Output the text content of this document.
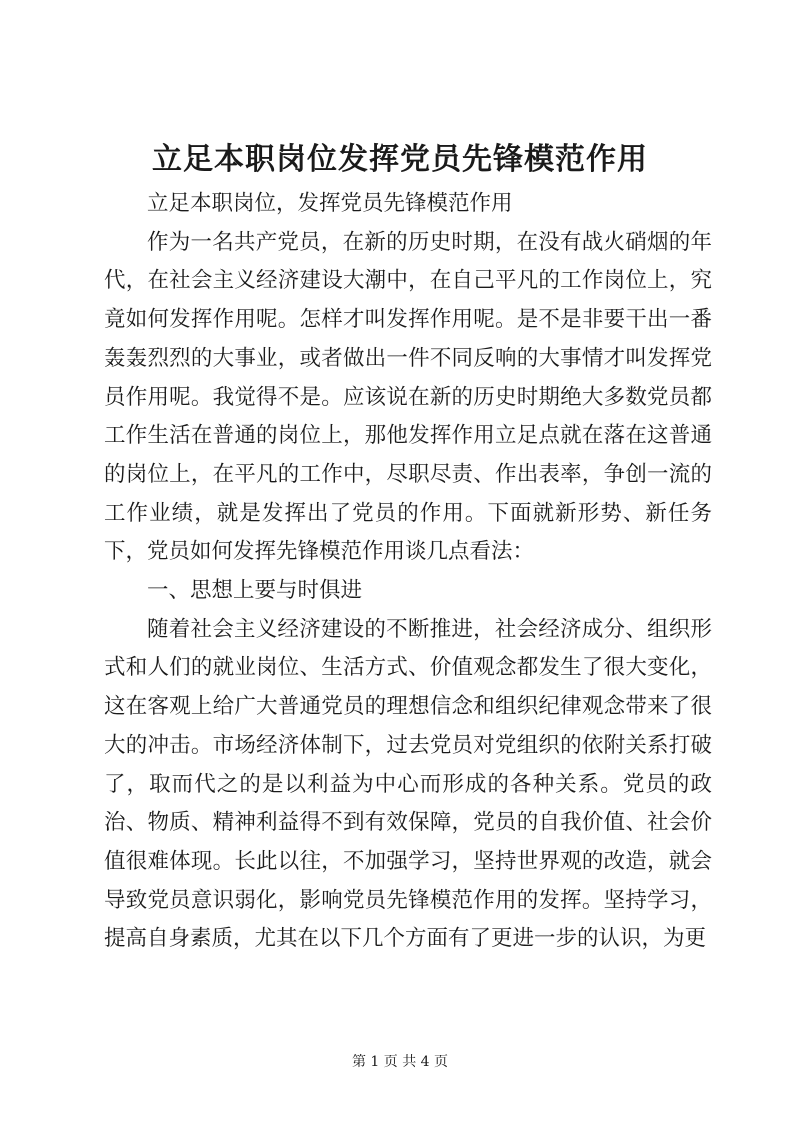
立足本职岗位发挥党员先锋模范作用

立足本职岗位，发挥党员先锋模范作用

作为一名共产党员，在新的历史时期，在没有战火硝烟的年代，在社会主义经济建设大潮中，在自己平凡的工作岗位上，究竟如何发挥作用呢。怎样才叫发挥作用呢。是不是非要干出一番轰轰烈烈的大事业，或者做出一件不同反响的大事情才叫发挥党员作用呢。我觉得不是。应该说在新的历史时期绝大多数党员都工作生活在普通的岗位上，那他发挥作用立足点就在落在这普通的岗位上，在平凡的工作中，尽职尽责、作出表率，争创一流的工作业绩，就是发挥出了党员的作用。下面就新形势、新任务下，党员如何发挥先锋模范作用谈几点看法：

一、思想上要与时俱进

随着社会主义经济建设的不断推进，社会经济成分、组织形式和人们的就业岗位、生活方式、价值观念都发生了很大变化，这在客观上给广大普通党员的理想信念和组织纪律观念带来了很大的冲击。市场经济体制下，过去党员对党组织的依附关系打破了，取而代之的是以利益为中心而形成的各种关系。党员的政治、物质、精神利益得不到有效保障，党员的自我价值、社会价值很难体现。长此以往，不加强学习，坚持世界观的改造，就会导致党员意识弱化，影响党员先锋模范作用的发挥。坚持学习，提高自身素质，尤其在以下几个方面有了更进一步的认识，为更

第 1 页 共 4 页
